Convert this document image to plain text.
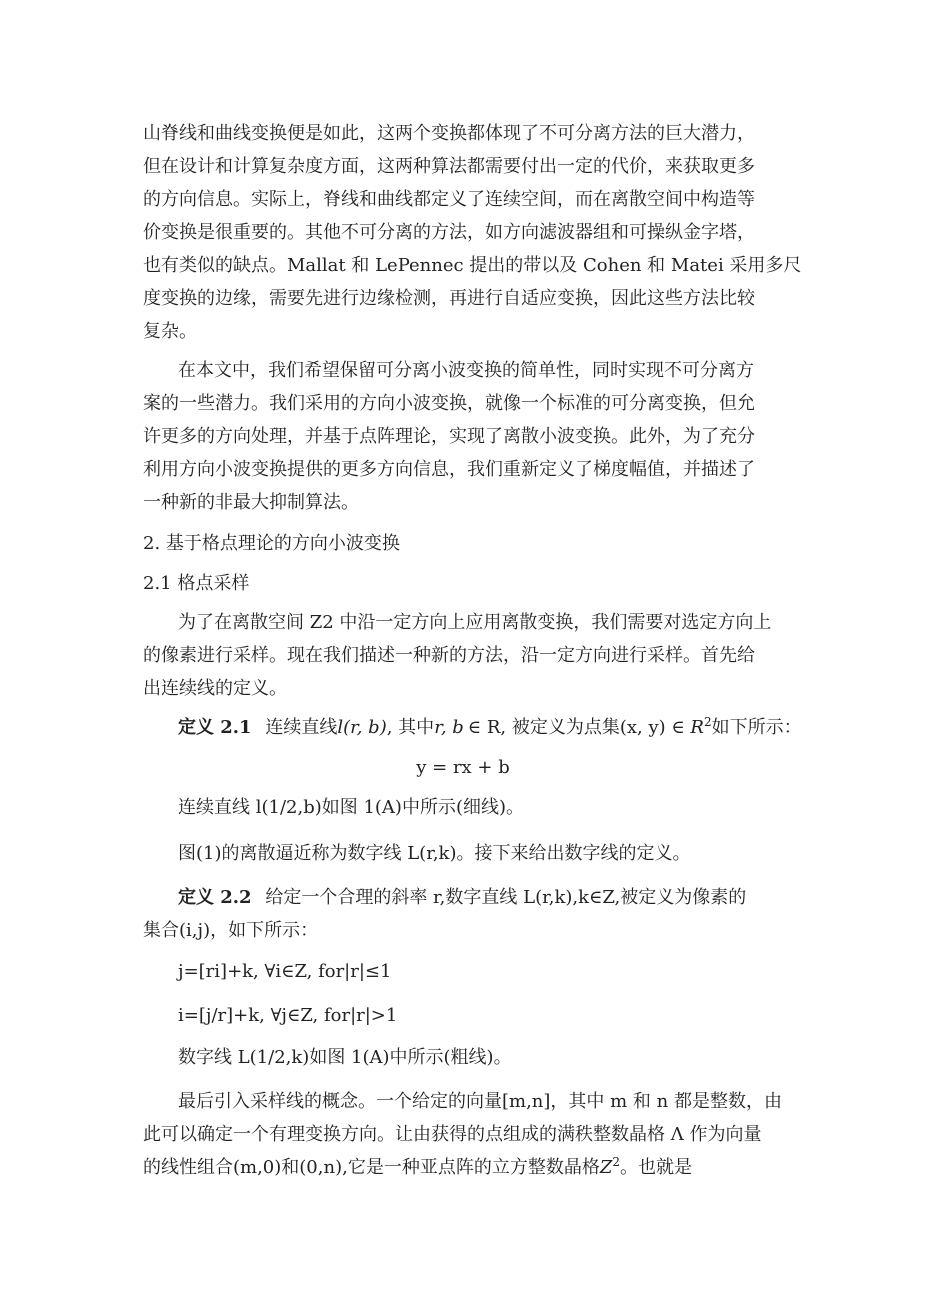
山脊线和曲线变换便是如此，这两个变换都体现了不可分离方法的巨大潜力，
但在设计和计算复杂度方面，这两种算法都需要付出一定的代价，来获取更多
的方向信息。实际上，脊线和曲线都定义了连续空间，而在离散空间中构造等
价变换是很重要的。其他不可分离的方法，如方向滤波器组和可操纵金字塔，
也有类似的缺点。Mallat 和 LePennec 提出的带以及 Cohen 和 Matei 采用多尺
度变换的边缘，需要先进行边缘检测，再进行自适应变换，因此这些方法比较
复杂。
在本文中，我们希望保留可分离小波变换的简单性，同时实现不可分离方
案的一些潜力。我们采用的方向小波变换，就像一个标准的可分离变换，但允
许更多的方向处理，并基于点阵理论，实现了离散小波变换。此外，为了充分
利用方向小波变换提供的更多方向信息，我们重新定义了梯度幅值，并描述了
一种新的非最大抑制算法。
2. 基于格点理论的方向小波变换
2.1 格点采样
为了在离散空间 Z2 中沿一定方向上应用离散变换，我们需要对选定方向上
的像素进行采样。现在我们描述一种新的方法，沿一定方向进行采样。首先给
出连续线的定义。
定义 2.1 连续直线l(r, b), 其中r, b ∈ R, 被定义为点集(x, y) ∈ $R^2$如下所示：
y = rx + b
连续直线 l(1/2,b)如图 1(A)中所示(细线)。
图(1)的离散逼近称为数字线 L(r,k)。接下来给出数字线的定义。
定义 2.2 给定一个合理的斜率 r,数字直线 L(r,k),k∈Z,被定义为像素的
集合(i,j)，如下所示：
j=[ri]+k, ∀i∈Z, for|r|≤1
i=[j/r]+k, ∀j∈Z, for|r|>1
数字线 L(1/2,k)如图 1(A)中所示(粗线)。
最后引入采样线的概念。一个给定的向量[m,n]，其中 m 和 n 都是整数，由
此可以确定一个有理变换方向。让由获得的点组成的满秩整数晶格 Λ 作为向量
的线性组合(m,0)和(0,n),它是一种亚点阵的立方整数晶格$Z^2$。也就是
